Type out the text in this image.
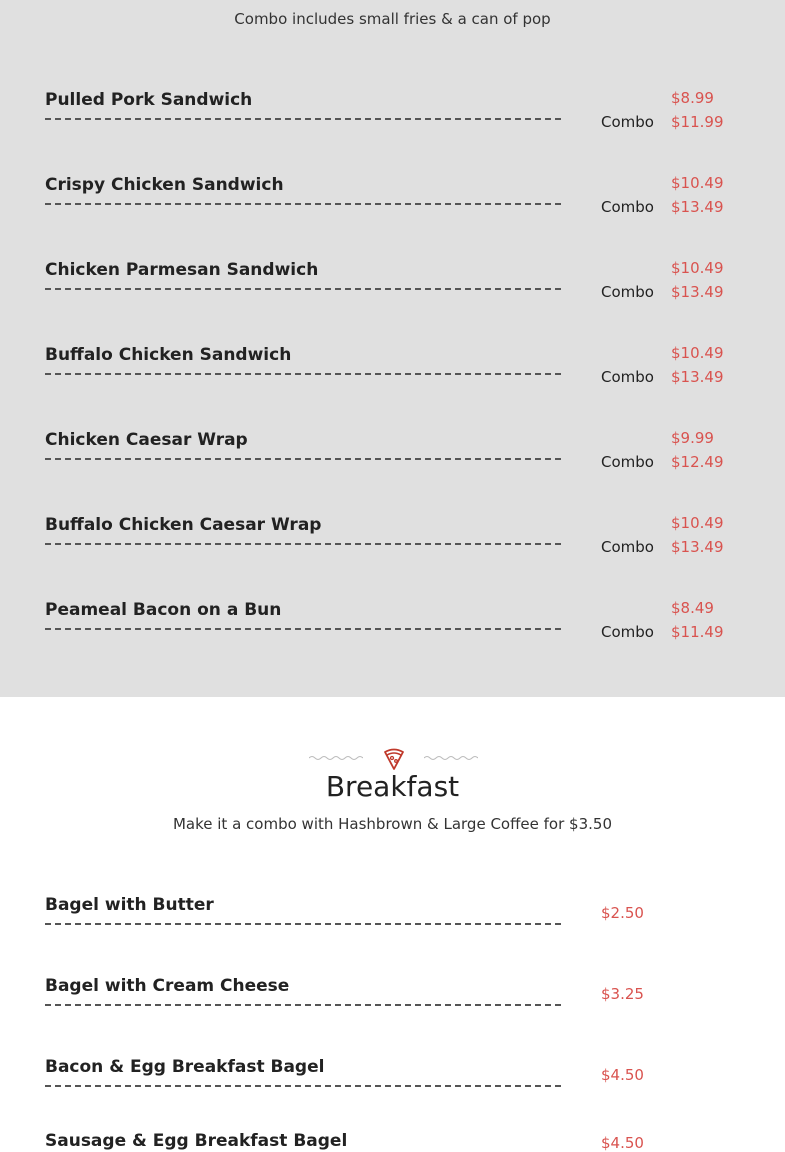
Combo includes small fries & a can of pop
Pulled Pork Sandwich	$8.99
Combo $11.99
Crispy Chicken Sandwich	$10.49
Combo $13.49
Chicken Parmesan Sandwich	$10.49
Combo $13.49
Buffalo Chicken Sandwich	$10.49
Combo $13.49
Chicken Caesar Wrap	$9.99
Combo $12.49
Buffalo Chicken Caesar Wrap	$10.49
Combo $13.49
Peameal Bacon on a Bun	$8.49
Combo $11.49
Breakfast
Make it a combo with Hashbrown & Large Coffee for $3.50
Bagel with Butter	$2.50
Bagel with Cream Cheese	$3.25
Bacon & Egg Breakfast Bagel	$4.50
Sausage & Egg Breakfast Bagel	$4.50
